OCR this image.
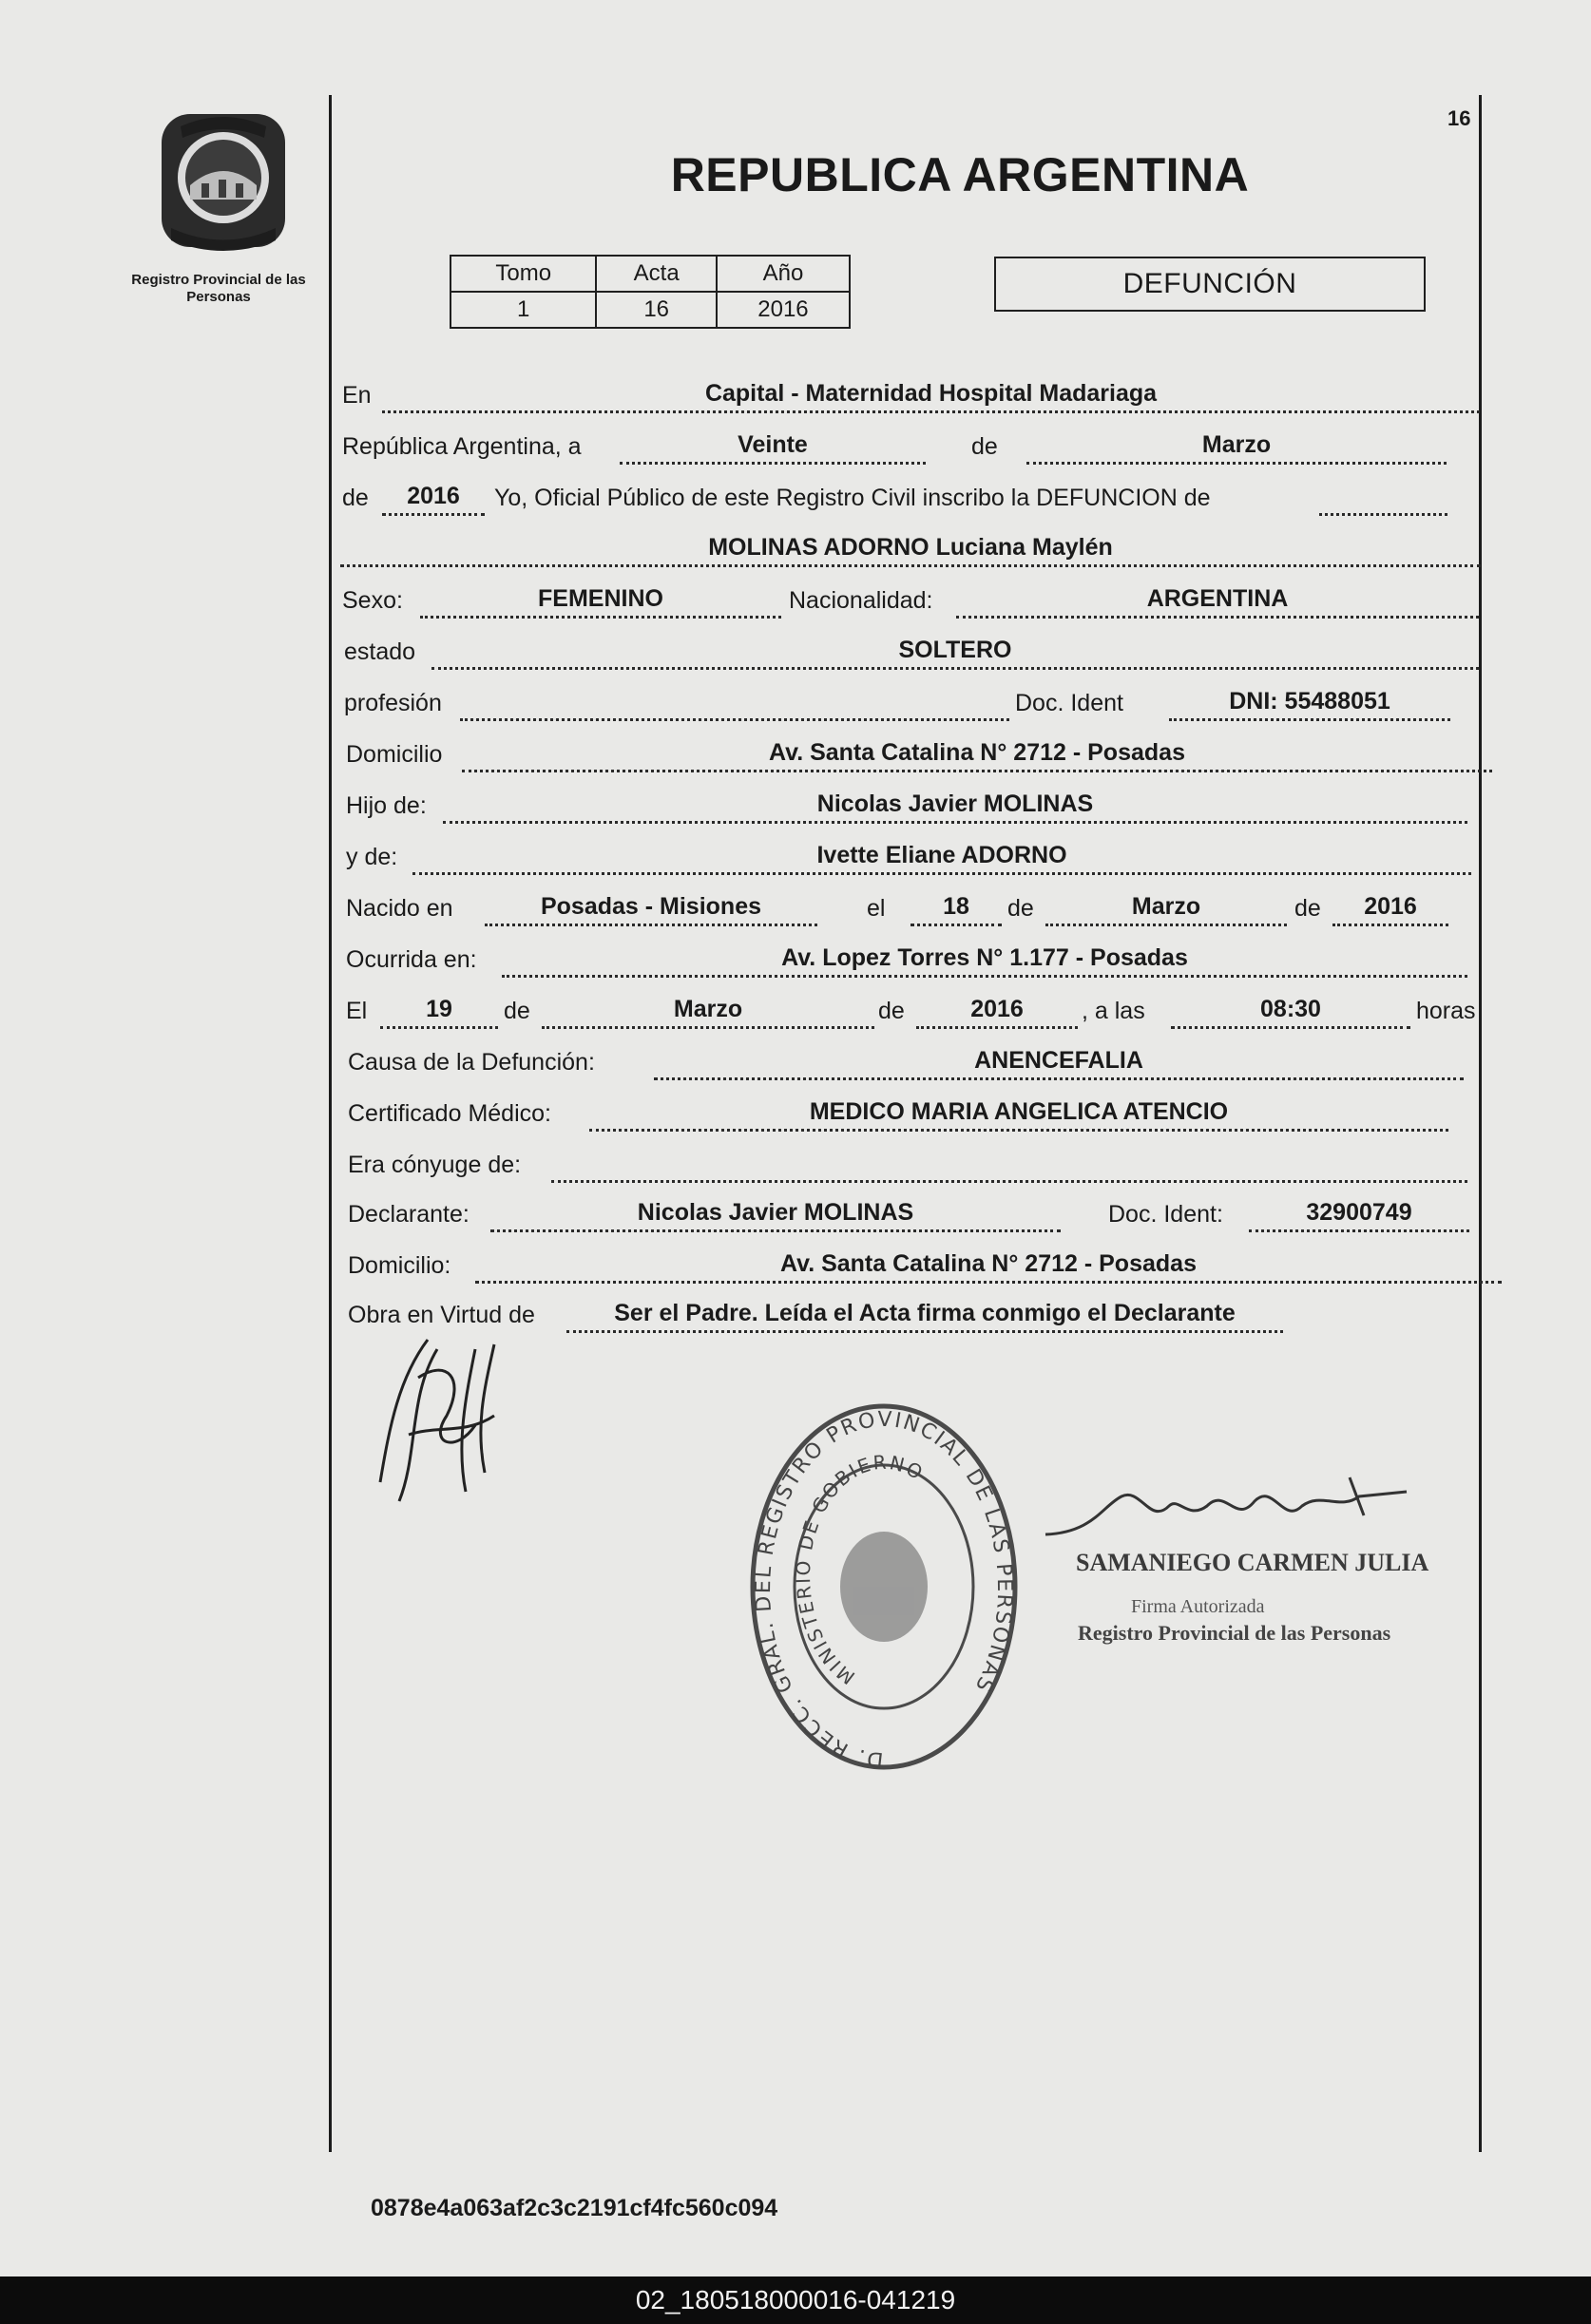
Registro Provincial de las Personas
16
REPUBLICA ARGENTINA
Tomo	Acta	Año
1	16	2016
DEFUNCIÓN
En	Capital - Maternidad Hospital Madariaga
República Argentina, a	Veinte	de	Marzo
de	2016	Yo, Oficial Público de este Registro Civil inscribo la DEFUNCION de
MOLINAS ADORNO Luciana Maylén
Sexo:	FEMENINO	Nacionalidad:	ARGENTINA
estado	SOLTERO
profesión	Doc. Ident	DNI: 55488051
Domicilio	Av. Santa Catalina N° 2712 - Posadas
Hijo de:	Nicolas Javier MOLINAS
y de:	Ivette Eliane ADORNO
Nacido en	Posadas - Misiones	el	18	de	Marzo	de	2016
Ocurrida en:	Av. Lopez Torres N° 1.177 - Posadas
El	19	de	Marzo	de	2016	, a las	08:30	horas
Causa de la Defunción:	ANENCEFALIA
Certificado Médico:	MEDICO MARIA ANGELICA ATENCIO
Era cónyuge de:
Declarante:	Nicolas Javier MOLINAS	Doc. Ident:	32900749
Domicilio:	Av. Santa Catalina N° 2712 - Posadas
Obra en Virtud de	Ser el Padre. Leída el Acta firma conmigo el Declarante
D. RECC. GRAL. DEL REGISTRO PROVINCIAL DE LAS PERSONAS
MINISTERIO DE GOBIERNO
SAMANIEGO CARMEN JULIA
Firma Autorizada
Registro Provincial de las Personas
0878e4a063af2c3c2191cf4fc560c094
02_180518000016-041219
